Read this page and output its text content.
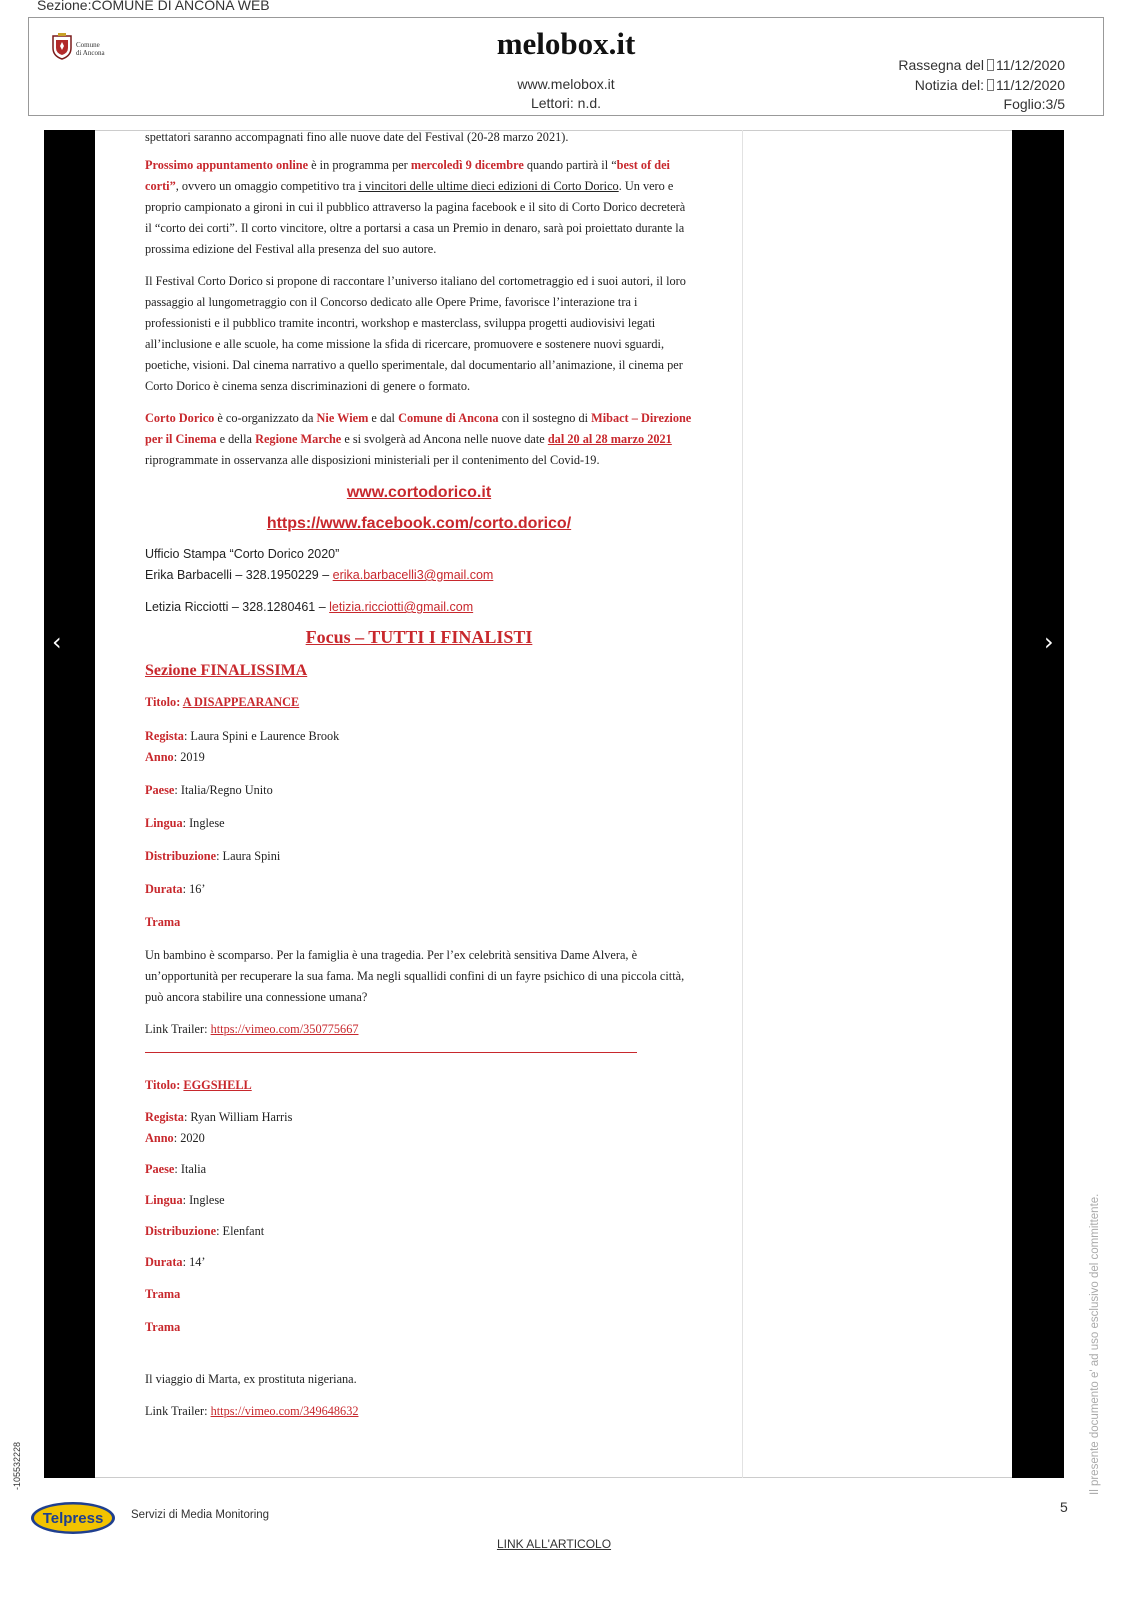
Sezione:COMUNE DI ANCONA WEB
Comune
di Ancona	melobox.it
www.melobox.it
Lettori: n.d.
Rassegna del 11/12/2020
Notizia del: 11/12/2020
Foglio:3/5
‹	›

spettatori saranno accompagnati fino alle nuove date del Festival (20-28 marzo 2021).

Prossimo appuntamento online è in programma per mercoledì 9 dicembre quando partirà il “best of dei corti”, ovvero un omaggio competitivo tra i vincitori delle ultime dieci edizioni di Corto Dorico. Un vero e proprio campionato a gironi in cui il pubblico attraverso la pagina facebook e il sito di Corto Dorico decreterà il “corto dei corti”. Il corto vincitore, oltre a portarsi a casa un Premio in denaro, sarà poi proiettato durante la prossima edizione del Festival alla presenza del suo autore.

Il Festival Corto Dorico si propone di raccontare l’universo italiano del cortometraggio ed i suoi autori, il loro passaggio al lungometraggio con il Concorso dedicato alle Opere Prime, favorisce l’interazione tra i professionisti e il pubblico tramite incontri, workshop e masterclass, sviluppa progetti audiovisivi legati all’inclusione e alle scuole, ha come missione la sfida di ricercare, promuovere e sostenere nuovi sguardi, poetiche, visioni. Dal cinema narrativo a quello sperimentale, dal documentario all’animazione, il cinema per Corto Dorico è cinema senza discriminazioni di genere o formato.

Corto Dorico è co-organizzato da Nie Wiem e dal Comune di Ancona con il sostegno di Mibact – Direzione per il Cinema e della Regione Marche e si svolgerà ad Ancona nelle nuove date dal 20 al 28 marzo 2021 riprogrammate in osservanza alle disposizioni ministeriali per il contenimento del Covid-19.

www.cortodorico.it

https://www.facebook.com/corto.dorico/

Ufficio Stampa “Corto Dorico 2020”

Erika Barbacelli – 328.1950229 – erika.barbacelli3@gmail.com

Letizia Ricciotti – 328.1280461 – letizia.ricciotti@gmail.com

Focus – TUTTI I FINALISTI

Sezione FINALISSIMA

Titolo: A DISAPPEARANCE

Regista: Laura Spini e Laurence Brook

Anno: 2019

Paese: Italia/Regno Unito

Lingua: Inglese

Distribuzione: Laura Spini

Durata: 16’

Trama

Un bambino è scomparso. Per la famiglia è una tragedia. Per l’ex celebrità sensitiva Dame Alvera, è un’opportunità per recuperare la sua fama. Ma negli squallidi confini di un fayre psichico di una piccola città, può ancora stabilire una connessione umana?

Link Trailer: https://vimeo.com/350775667

Titolo: EGGSHELL

Regista: Ryan William Harris

Anno: 2020

Paese: Italia

Lingua: Inglese

Distribuzione: Elenfant

Durata: 14’

Trama

Trama

Il viaggio di Marta, ex prostituta nigeriana.

Link Trailer: https://vimeo.com/349648632

-105532228	Il presente documento e' ad uso esclusivo del committente.
5
Telpress Servizi di Media Monitoring
LINK ALL'ARTICOLO
